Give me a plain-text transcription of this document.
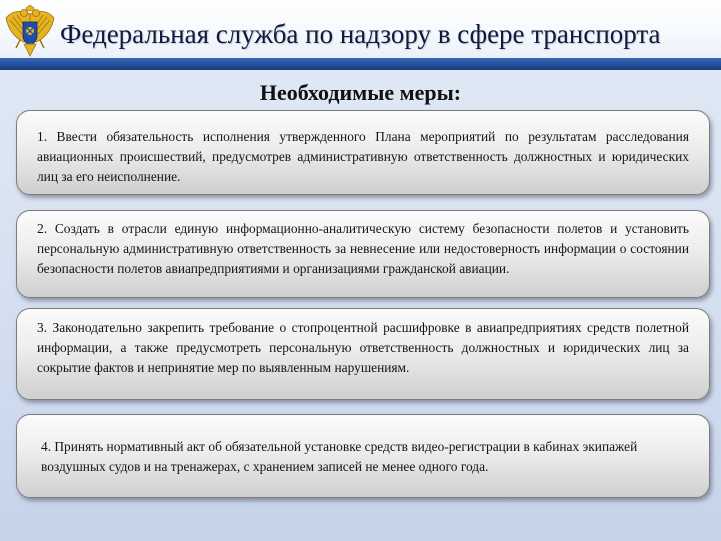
Федеральная служба по надзору в сфере транспорта
Необходимые меры:
1. Ввести обязательность исполнения утвержденного Плана мероприятий по результатам расследования авиационных происшествий, предусмотрев административную ответственность должностных и юридических лиц за его неисполнение.
2. Создать в отрасли единую информационно-аналитическую систему безопасности полетов и установить персональную административную ответственность за невнесение или недостоверность информации о состоянии безопасности полетов авиапредприятиями и организациями гражданской авиации.
3. Законодательно закрепить требование о стопроцентной расшифровке в авиапредприятиях средств полетной информации, а также предусмотреть персональную ответственность должностных и юридических лиц за сокрытие фактов и непринятие мер по выявленным нарушениям.
4. Принять нормативный акт об обязательной установке средств видео-регистрации в кабинах экипажей воздушных судов и на тренажерах, с хранением записей не менее одного года.
